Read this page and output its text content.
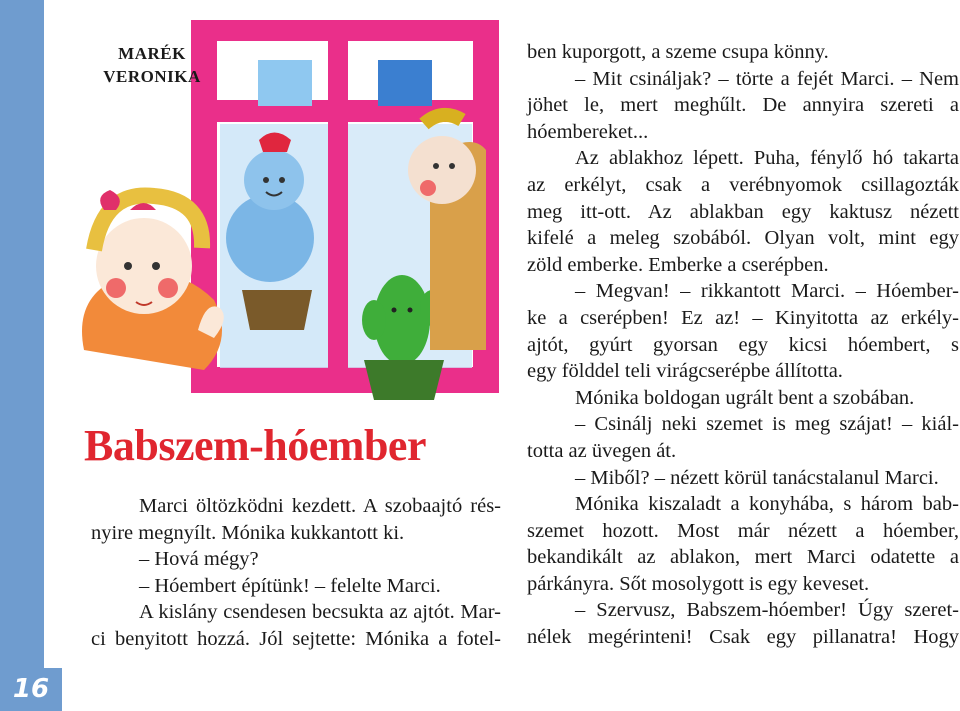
16
MARÉK
VERONIKA
Babszem-hóember
Marci öltözködni kezdett. A szobaajtó rés-
nyire megnyílt. Mónika kukkantott ki.
– Hová mégy?
– Hóembert építünk! – felelte Marci.
A kislány csendesen becsukta az ajtót. Mar-
ci benyitott hozzá. Jól sejtette: Mónika a fotel-
ben kuporgott, a szeme csupa könny.
– Mit csináljak? – törte a fejét Marci. – Nem
jöhet le, mert meghűlt. De annyira szereti a
hóembereket...
Az ablakhoz lépett. Puha, fénylő hó takarta
az erkélyt, csak a verébnyomok csillagozták
meg itt-ott. Az ablakban egy kaktusz nézett
kifelé a meleg szobából. Olyan volt, mint egy
zöld emberke. Emberke a cserépben.
– Megvan! – rikkantott Marci. – Hóember-
ke a cserépben! Ez az! – Kinyitotta az erkély-
ajtót, gyúrt gyorsan egy kicsi hóembert, s
egy földdel teli virágcserépbe állította.
Mónika boldogan ugrált bent a szobában.
– Csinálj neki szemet is meg szájat! – kiál-
totta az üvegen át.
– Miből? – nézett körül tanácstalanul Marci.
Mónika kiszaladt a konyhába, s három bab-
szemet hozott. Most már nézett a hóember,
bekandikált az ablakon, mert Marci odatette a
párkányra. Sőt mosolygott is egy keveset.
– Szervusz, Babszem-hóember! Úgy szeret-
nélek megérinteni! Csak egy pillanatra! Hogy
